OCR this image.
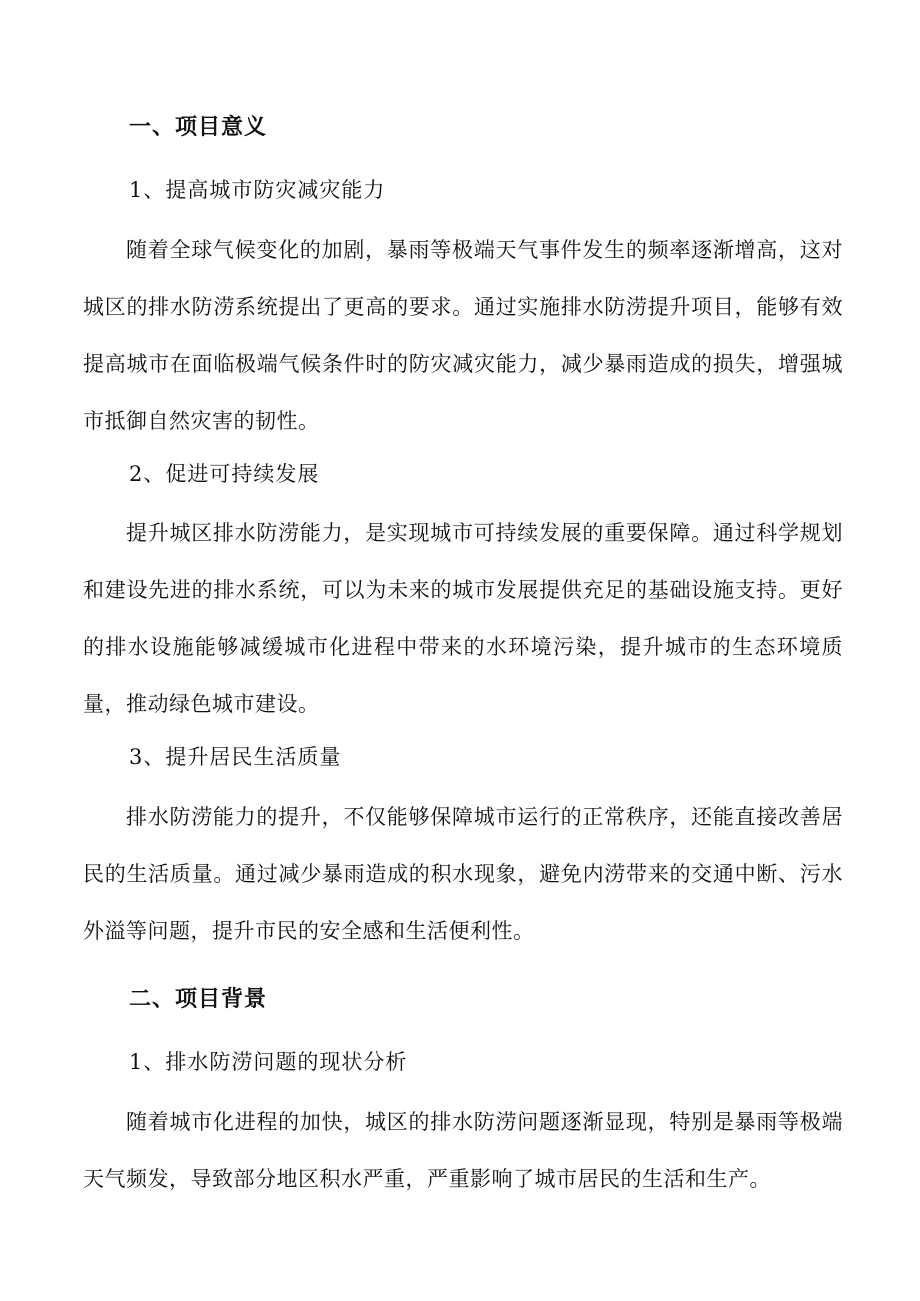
一、项目意义
1、提高城市防灾减灾能力
随着全球气候变化的加剧，暴雨等极端天气事件发生的频率逐渐增高，这对城区的排水防涝系统提出了更高的要求。通过实施排水防涝提升项目，能够有效提高城市在面临极端气候条件时的防灾减灾能力，减少暴雨造成的损失，增强城市抵御自然灾害的韧性。
2、促进可持续发展
提升城区排水防涝能力，是实现城市可持续发展的重要保障。通过科学规划和建设先进的排水系统，可以为未来的城市发展提供充足的基础设施支持。更好的排水设施能够减缓城市化进程中带来的水环境污染，提升城市的生态环境质量，推动绿色城市建设。
3、提升居民生活质量
排水防涝能力的提升，不仅能够保障城市运行的正常秩序，还能直接改善居民的生活质量。通过减少暴雨造成的积水现象，避免内涝带来的交通中断、污水外溢等问题，提升市民的安全感和生活便利性。
二、项目背景
1、排水防涝问题的现状分析
随着城市化进程的加快，城区的排水防涝问题逐渐显现，特别是暴雨等极端天气频发，导致部分地区积水严重，严重影响了城市居民的生活和生产。
